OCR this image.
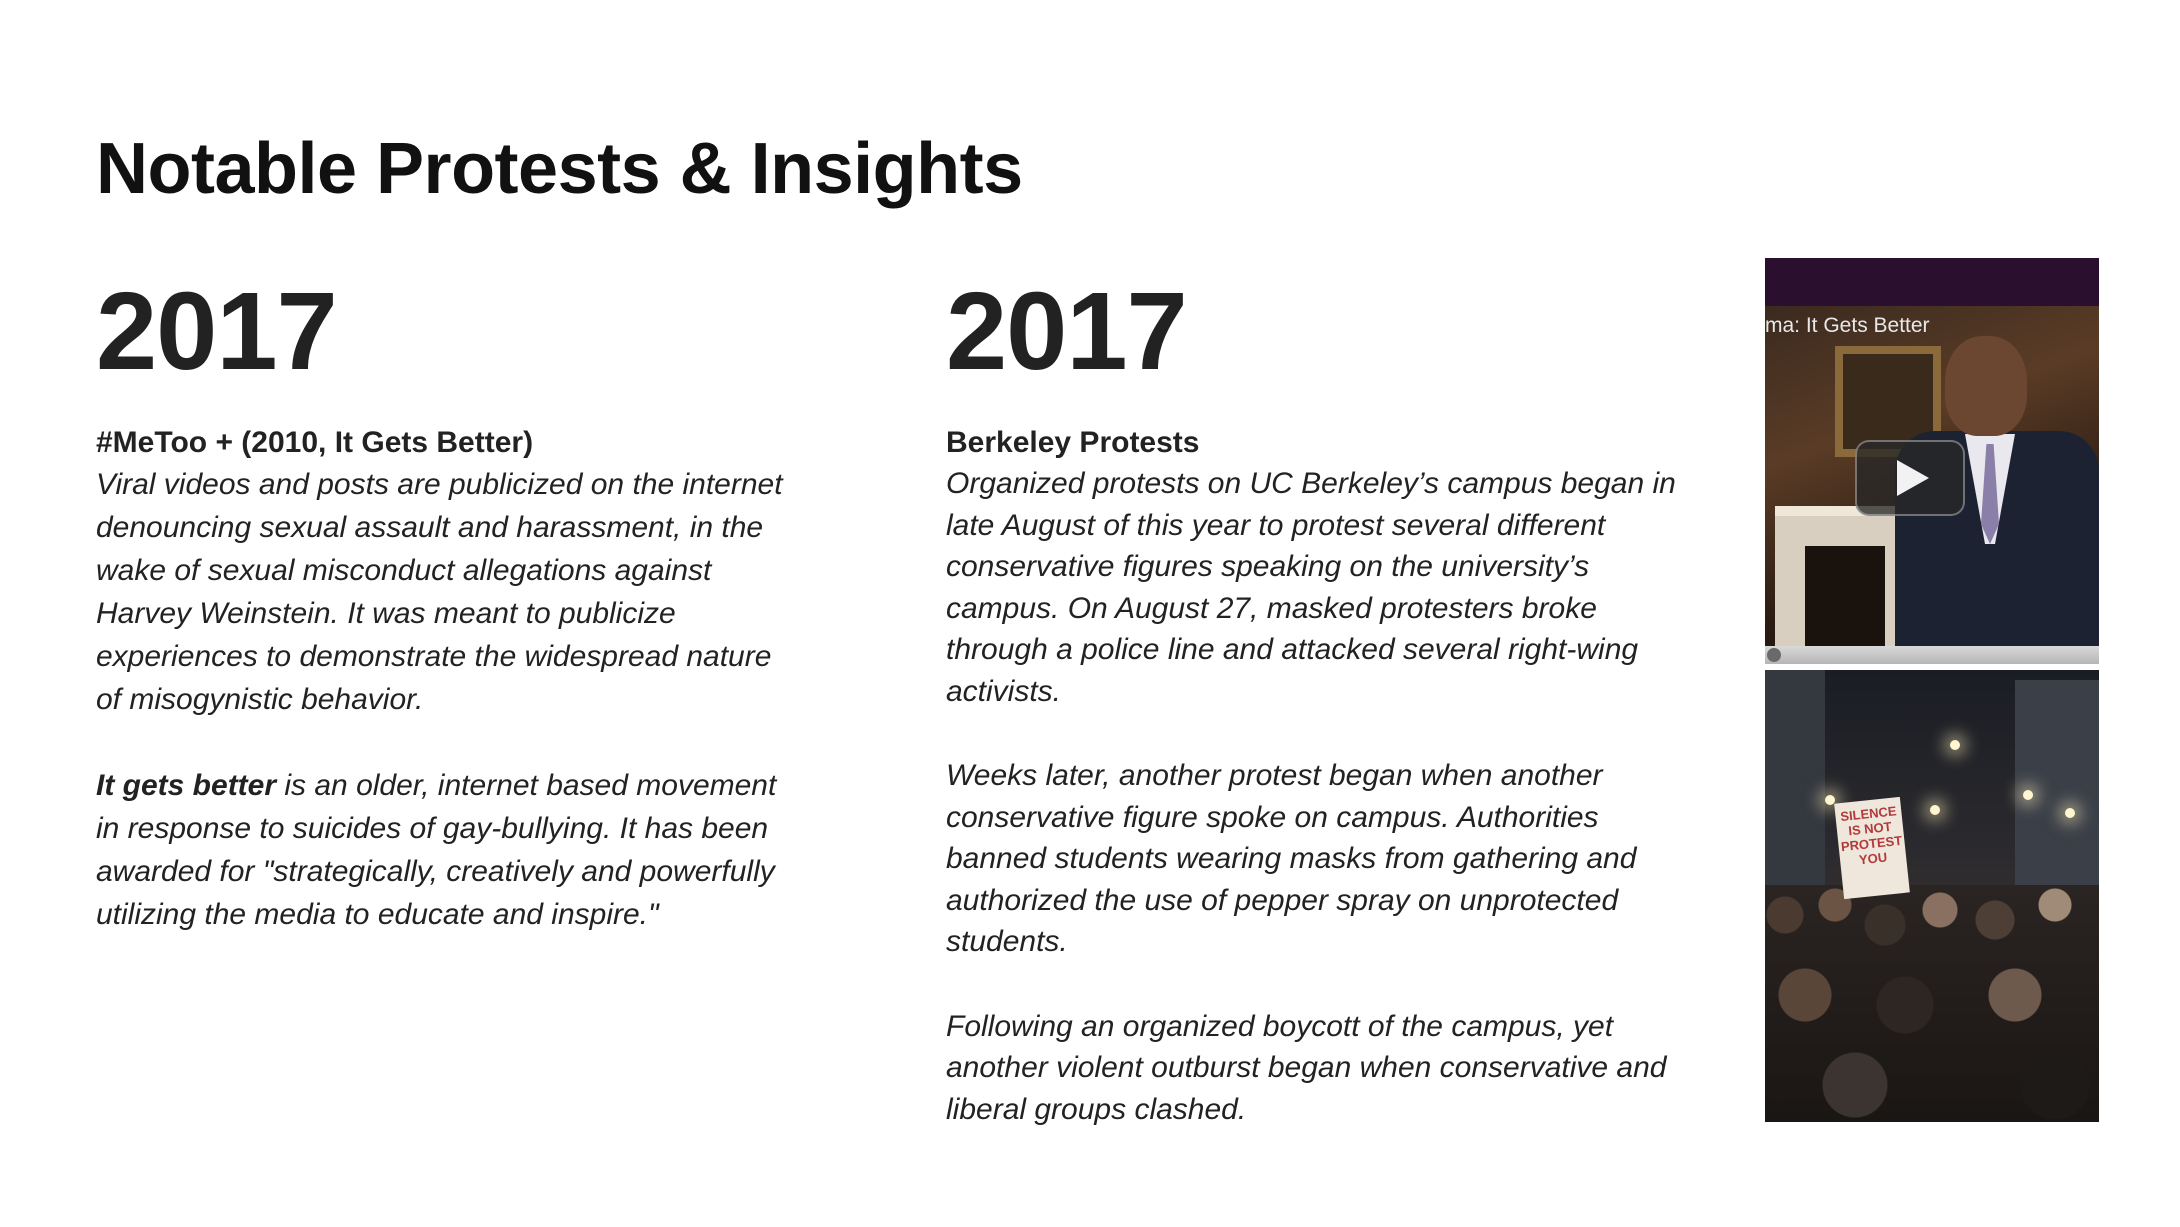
Notable Protests & Insights

2017

#MeToo + (2010, It Gets Better)

Viral videos and posts are publicized on the internet denouncing sexual assault and harassment, in the wake of sexual misconduct allegations against Harvey Weinstein. It was meant to publicize experiences to demonstrate the widespread nature of misogynistic behavior.

It gets better is an older, internet based movement in response to suicides of gay-bullying. It has been awarded for "strategically, creatively and powerfully utilizing the media to educate and inspire."

2017

Berkeley Protests

Organized protests on UC Berkeley’s campus began in late August of this year to protest several different conservative figures speaking on the university’s campus. On August 27, masked protesters broke through a police line and attacked several right-wing activists.

Weeks later, another protest began when another conservative figure spoke on campus. Authorities banned students wearing masks from gathering and authorized the use of pepper spray on unprotected students.

Following an organized boycott of the campus, yet another violent outburst began when conservative and liberal groups clashed.

ma: It Gets Better
SILENCE IS NOT PROTEST YOU
